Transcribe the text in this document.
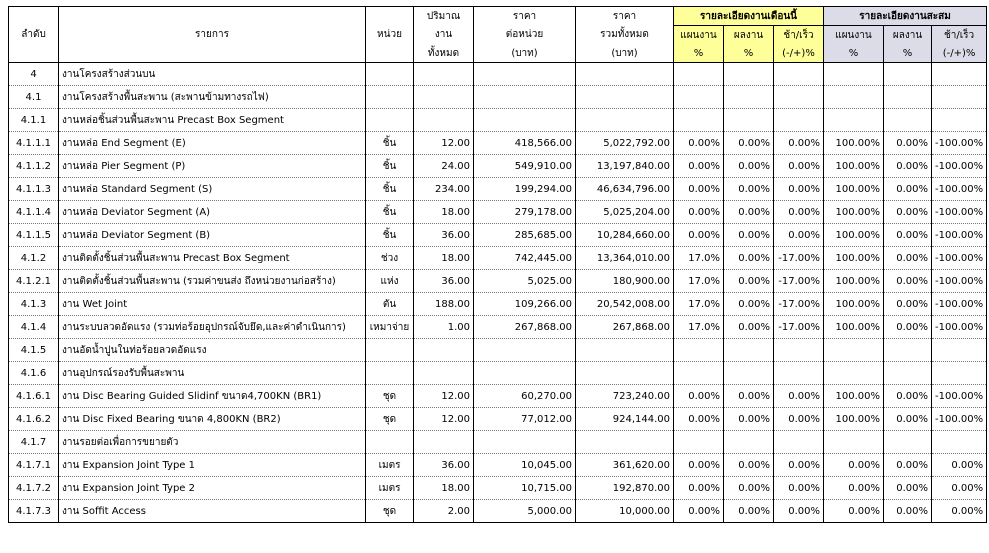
ลำดับ	รายการ	หน่วย	ปริมาณ	ราคา	ราคา	รายละเอียดงานเดือนนี้			รายละเอียดงานสะสม		
			งาน	ต่อหน่วย	รวมทั้งหมด	แผนงาน	ผลงาน	ช้า/เร็ว	แผนงาน	ผลงาน	ช้า/เร็ว
			ทั้งหมด	(บาท)	(บาท)	%	%	(-/+)%	%	%	(-/+)%
4	งานโครงสร้างส่วนบน										
4.1	งานโครงสร้างพื้นสะพาน (สะพานข้ามทางรถไฟ)										
4.1.1	งานหล่อชิ้นส่วนพื้นสะพาน Precast Box Segment										
4.1.1.1	งานหล่อ End Segment (E)	ชิ้น	12.00	418,566.00	5,022,792.00	0.00%	0.00%	0.00%	100.00%	0.00%	-100.00%
4.1.1.2	งานหล่อ Pier Segment (P)	ชิ้น	24.00	549,910.00	13,197,840.00	0.00%	0.00%	0.00%	100.00%	0.00%	-100.00%
4.1.1.3	งานหล่อ Standard Segment (S)	ชิ้น	234.00	199,294.00	46,634,796.00	0.00%	0.00%	0.00%	100.00%	0.00%	-100.00%
4.1.1.4	งานหล่อ Deviator Segment (A)	ชิ้น	18.00	279,178.00	5,025,204.00	0.00%	0.00%	0.00%	100.00%	0.00%	-100.00%
4.1.1.5	งานหล่อ Deviator Segment (B)	ชิ้น	36.00	285,685.00	10,284,660.00	0.00%	0.00%	0.00%	100.00%	0.00%	-100.00%
4.1.2	งานติดตั้งชิ้นส่วนพื้นสะพาน Precast Box Segment	ช่วง	18.00	742,445.00	13,364,010.00	17.0%	0.00%	-17.00%	100.00%	0.00%	-100.00%
4.1.2.1	งานติดตั้งชิ้นส่วนพื้นสะพาน (รวมค่าขนส่ง ถึงหน่วยงานก่อสร้าง)	แห่ง	36.00	5,025.00	180,900.00	17.0%	0.00%	-17.00%	100.00%	0.00%	-100.00%
4.1.3	งาน Wet Joint	ตัน	188.00	109,266.00	20,542,008.00	17.0%	0.00%	-17.00%	100.00%	0.00%	-100.00%
4.1.4	งานระบบลวดอัดแรง (รวมท่อร้อยอุปกรณ์จับยึด,และค่าดำเนินการ)	เหมาจ่าย	1.00	267,868.00	267,868.00	17.0%	0.00%	-17.00%	100.00%	0.00%	-100.00%
4.1.5	งานอัดน้ำปูนในท่อร้อยลวดอัดแรง										
4.1.6	งานอุปกรณ์รองรับพื้นสะพาน										
4.1.6.1	งาน Disc Bearing Guided Slidinf ขนาด4,700KN (BR1)	ชุด	12.00	60,270.00	723,240.00	0.00%	0.00%	0.00%	100.00%	0.00%	-100.00%
4.1.6.2	งาน Disc Fixed Bearing ขนาด 4,800KN (BR2)	ชุด	12.00	77,012.00	924,144.00	0.00%	0.00%	0.00%	100.00%	0.00%	-100.00%
4.1.7	งานรอยต่อเพื่อการขยายตัว										
4.1.7.1	งาน Expansion Joint Type 1	เมตร	36.00	10,045.00	361,620.00	0.00%	0.00%	0.00%	0.00%	0.00%	0.00%
4.1.7.2	งาน Expansion Joint Type 2	เมตร	18.00	10,715.00	192,870.00	0.00%	0.00%	0.00%	0.00%	0.00%	0.00%
4.1.7.3	งาน Soffit Access	ชุด	2.00	5,000.00	10,000.00	0.00%	0.00%	0.00%	0.00%	0.00%	0.00%
